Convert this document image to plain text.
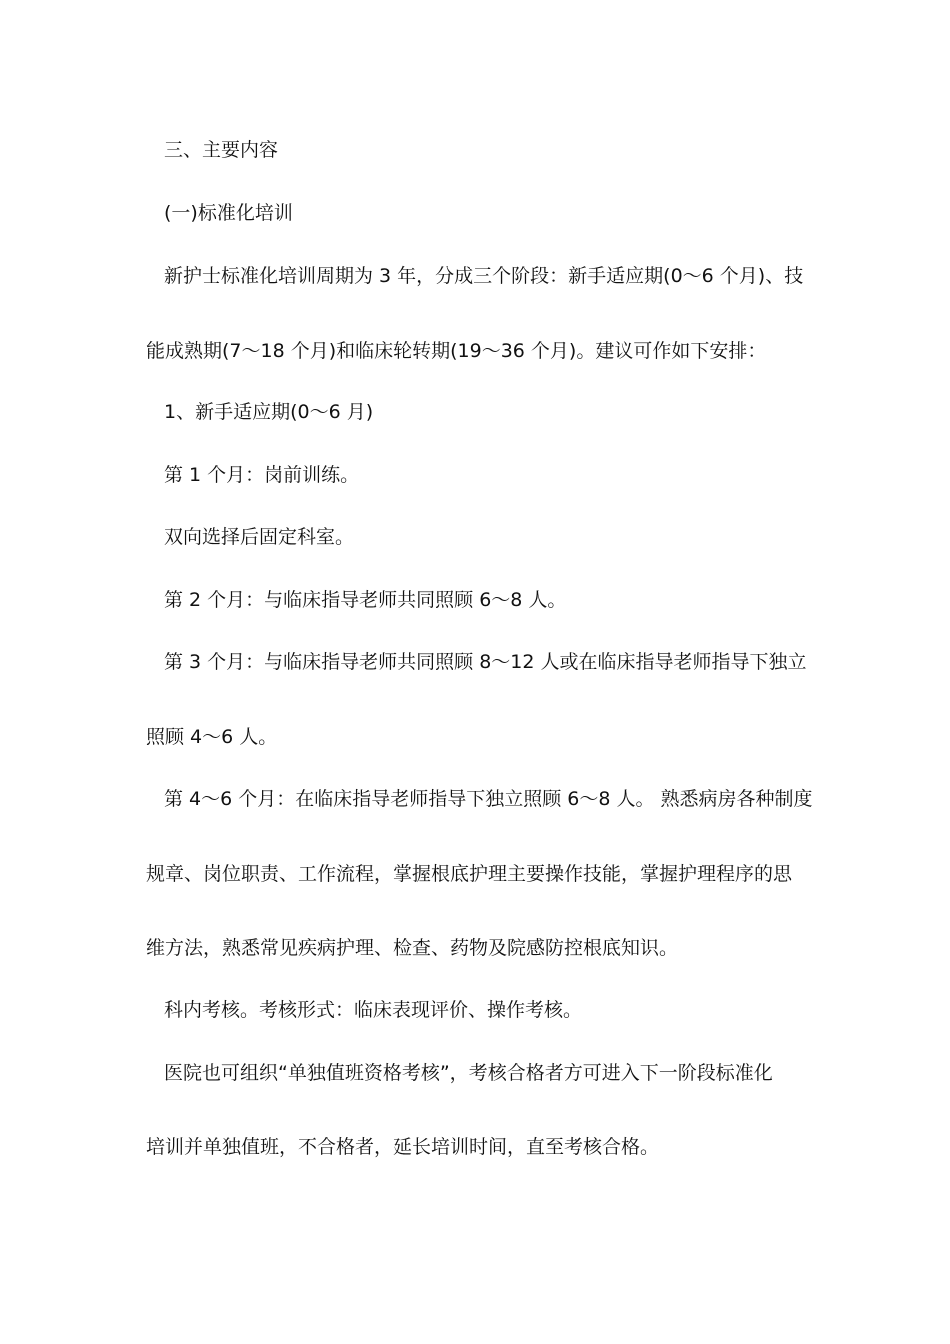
三、主要内容
(一)标准化培训
新护士标准化培训周期为 3 年，分成三个阶段：新手适应期(0～6 个月)、技
能成熟期(7～18 个月)和临床轮转期(19～36 个月)。建议可作如下安排：
1、新手适应期(0～6 月)
第 1 个月：岗前训练。
双向选择后固定科室。
第 2 个月：与临床指导老师共同照顾 6～8 人。
第 3 个月：与临床指导老师共同照顾 8～12 人或在临床指导老师指导下独立
照顾 4～6 人。
第 4～6 个月：在临床指导老师指导下独立照顾 6～8 人。 熟悉病房各种制度
规章、岗位职责、工作流程，掌握根底护理主要操作技能，掌握护理程序的思
维方法，熟悉常见疾病护理、检查、药物及院感防控根底知识。
科内考核。考核形式：临床表现评价、操作考核。
医院也可组织“单独值班资格考核”，考核合格者方可进入下一阶段标准化
培训并单独值班，不合格者，延长培训时间，直至考核合格。
